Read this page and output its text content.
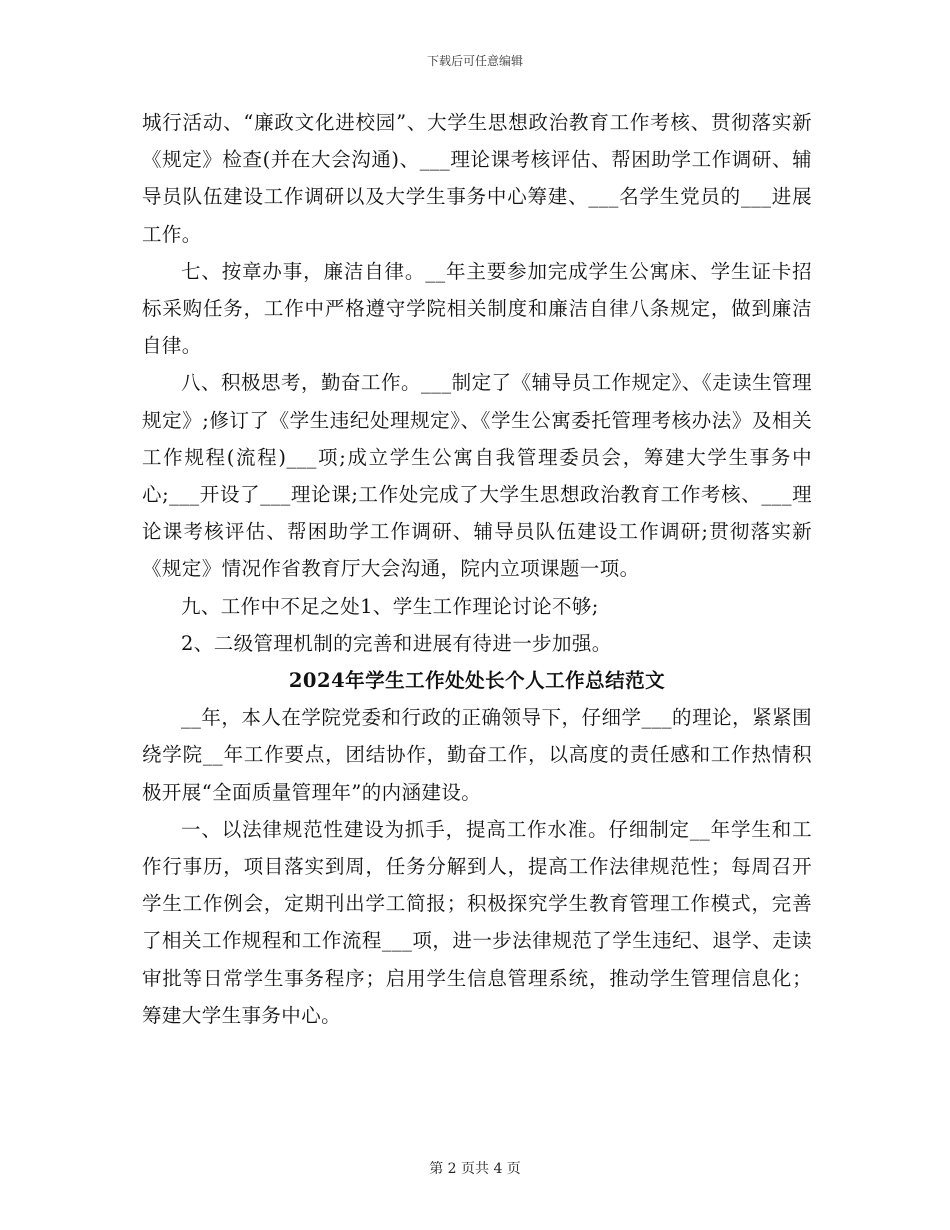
下载后可任意编辑

城行活动、“廉政文化进校园”、大学生思想政治教育工作考核、贯彻落实新《规定》检查(并在大会沟通)、___理论课考核评估、帮困助学工作调研、辅导员队伍建设工作调研以及大学生事务中心筹建、___名学生党员的___进展工作。

七、按章办事，廉洁自律。__年主要参加完成学生公寓床、学生证卡招标采购任务，工作中严格遵守学院相关制度和廉洁自律八条规定，做到廉洁自律。

八、积极思考，勤奋工作。___制定了《辅导员工作规定》、《走读生管理规定》;修订了《学生违纪处理规定》、《学生公寓委托管理考核办法》及相关工作规程(流程)___项;成立学生公寓自我管理委员会，筹建大学生事务中心;___开设了___理论课;工作处完成了大学生思想政治教育工作考核、___理论课考核评估、帮困助学工作调研、辅导员队伍建设工作调研;贯彻落实新《规定》情况作省教育厅大会沟通，院内立项课题一项。

九、工作中不足之处1、学生工作理论讨论不够;

2、二级管理机制的完善和进展有待进一步加强。

2024年学生工作处处长个人工作总结范文

__年，本人在学院党委和行政的正确领导下，仔细学___的理论，紧紧围绕学院__年工作要点，团结协作，勤奋工作，以高度的责任感和工作热情积极开展“全面质量管理年”的内涵建设。

一、以法律规范性建设为抓手，提高工作水准。仔细制定__年学生和工作行事历，项目落实到周，任务分解到人，提高工作法律规范性；每周召开学生工作例会，定期刊出学工简报；积极探究学生教育管理工作模式，完善了相关工作规程和工作流程___项，进一步法律规范了学生违纪、退学、走读审批等日常学生事务程序；启用学生信息管理系统，推动学生管理信息化；筹建大学生事务中心。

第 2 页共 4 页
